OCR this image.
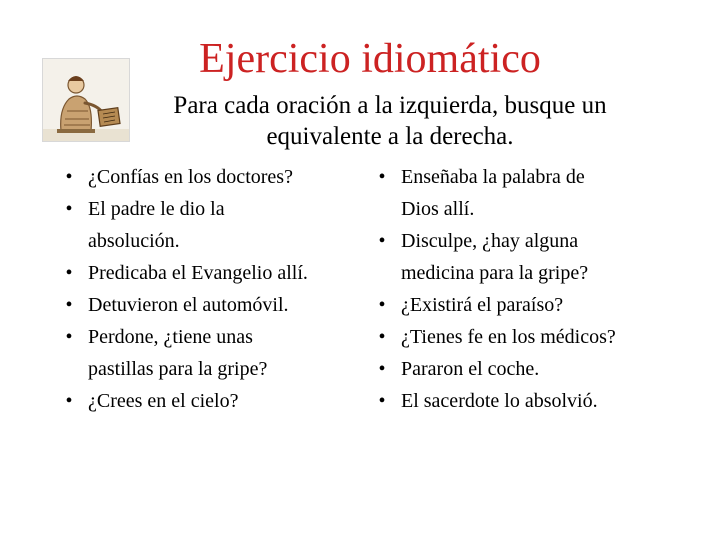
Ejercicio idiomático
Para cada oración a la izquierda, busque un
equivalente a la derecha.
• ¿Confías en los doctores?
• El padre le dio la
absolución.
• Predicaba el Evangelio allí.
• Detuvieron el automóvil.
• Perdone, ¿tiene unas
pastillas para la gripe?
• ¿Crees en el cielo?
• Enseñaba la palabra de
Dios allí.
• Disculpe, ¿hay alguna
medicina para la gripe?
• ¿Existirá el paraíso?
• ¿Tienes fe en los médicos?
• Pararon el coche.
• El sacerdote lo absolvió.
